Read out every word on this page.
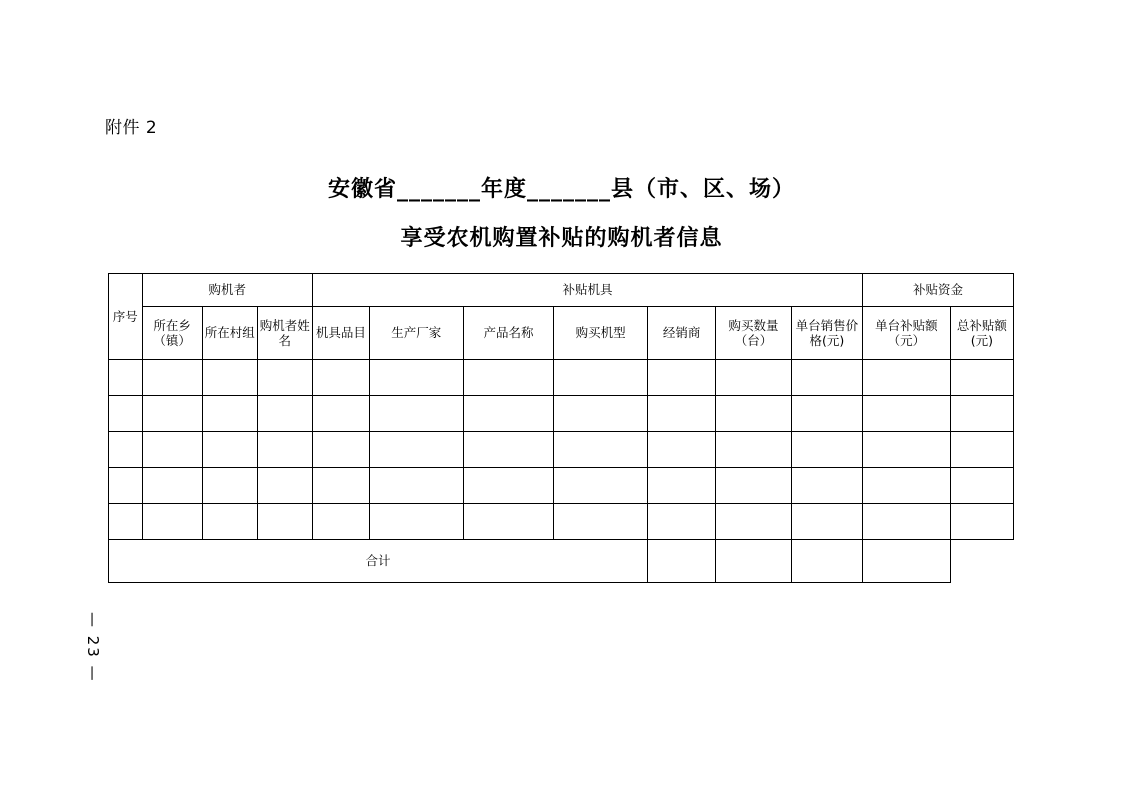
附件 2
安徽省_______年度_______县（市、区、场）
享受农机购置补贴的购机者信息
序号	购机者			补贴机具							补贴资金	
	所在乡（镇）	所在村组	购机者姓名	机具品目	生产厂家	产品名称	购买机型	经销商	购买数量（台）	单台销售价格(元)	单台补贴额（元）	总补贴额(元)

合计												
— 23 —
